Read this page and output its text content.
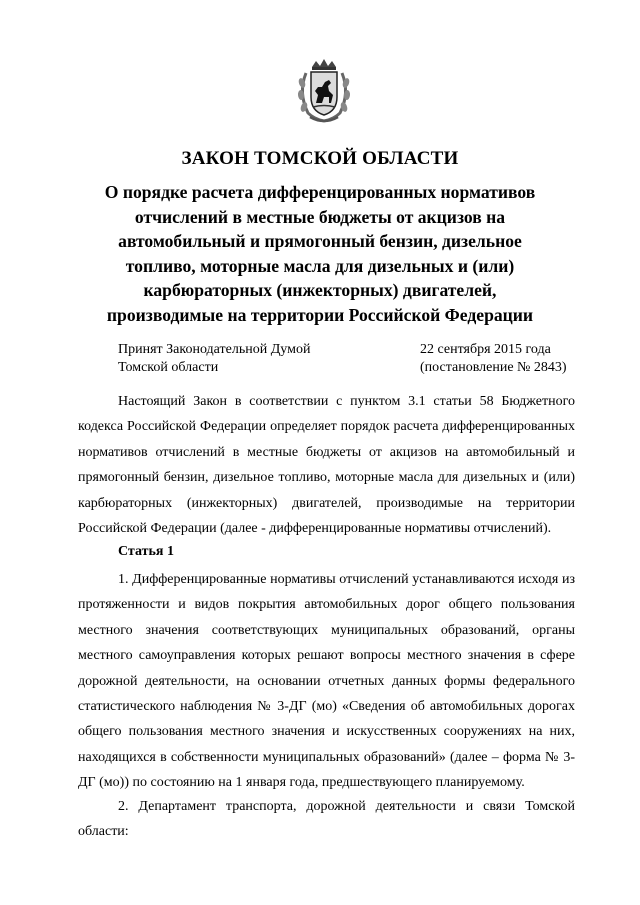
ЗАКОН ТОМСКОЙ ОБЛАСТИ
О порядке расчета дифференцированных нормативов
отчислений в местные бюджеты от акцизов на
автомобильный и прямогонный бензин, дизельное
топливо, моторные масла для дизельных и (или)
карбюраторных (инжекторных) двигателей,
производимые на территории Российской Федерации
Принят Законодательной Думой
Томской области
22 сентября 2015 года
(постановление № 2843)
Настоящий Закон в соответствии с пунктом 3.1 статьи 58 Бюджетного
кодекса Российской Федерации определяет порядок расчета дифференцированных
нормативов отчислений в местные бюджеты от акцизов на автомобильный и
прямогонный бензин, дизельное топливо, моторные масла для дизельных и (или)
карбюраторных (инжекторных) двигателей, производимые на территории
Российской Федерации (далее - дифференцированные нормативы отчислений).
Статья 1
1. Дифференцированные нормативы отчислений устанавливаются исходя из
протяженности и видов покрытия автомобильных дорог общего пользования
местного значения соответствующих муниципальных образований, органы
местного самоуправления которых решают вопросы местного значения в сфере
дорожной деятельности, на основании отчетных данных формы федерального
статистического наблюдения № 3-ДГ (мо) «Сведения об автомобильных дорогах
общего пользования местного значения и искусственных сооружениях на них,
находящихся в собственности муниципальных образований» (далее – форма № 3-
ДГ (мо)) по состоянию на 1 января года, предшествующего планируемому.
2. Департамент транспорта, дорожной деятельности и связи Томской
области:
